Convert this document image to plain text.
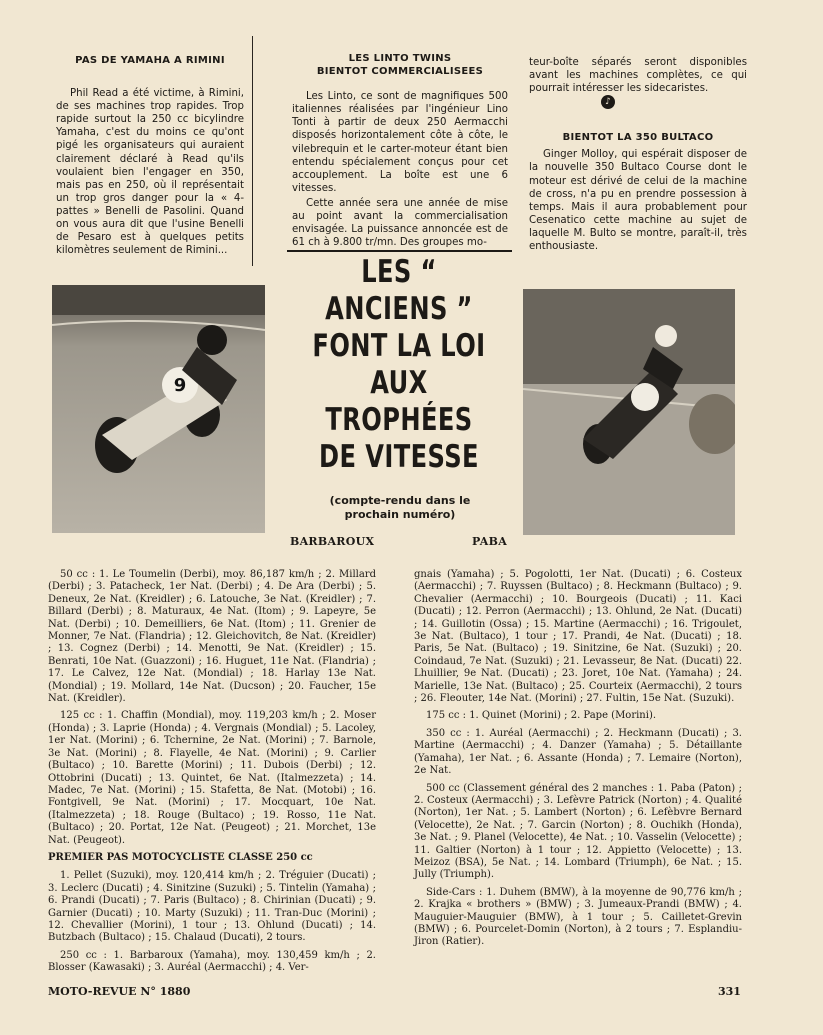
PAS DE YAMAHA A RIMINI
Phil Read a été victime, à Rimini, de ses machines trop rapides. Trop rapide surtout la 250 cc bicylindre Yamaha, c'est du moins ce qu'ont pigé les organisateurs qui auraient clairement déclaré à Read qu'ils voulaient bien l'engager en 350, mais pas en 250, où il représentait un trop gros danger pour la « 4-pattes » Benelli de Pasolini. Quand on vous aura dit que l'usine Benelli de Pesaro est à quelques petits kilomètres seulement de Rimini...
LES LINTO TWINS
BIENTOT COMMERCIALISEES
Les Linto, ce sont de magnifiques 500 italiennes réalisées par l'ingénieur Lino Tonti à partir de deux 250 Aermacchi disposés horizontalement côte à côte, le vilebrequin et le carter-moteur étant bien entendu spécialement conçus pour cet accouplement. La boîte est une 6 vitesses.
Cette année sera une année de mise au point avant la commercialisation envisagée. La puissance annoncée est de 61 ch à 9.800 tr/mn. Des groupes mo-
teur-boîte séparés seront disponibles avant les machines complètes, ce qui pourrait intéresser les sidecaristes.
BIENTOT LA 350 BULTACO
Ginger Molloy, qui espérait disposer de la nouvelle 350 Bultaco Course dont le moteur est dérivé de celui de la machine de cross, n'a pu en prendre possession à temps. Mais il aura probablement pour Cesenatico cette machine au sujet de laquelle M. Bulto se montre, paraît-il, très enthousiaste.
♪
9
LES “ ANCIENS ”
FONT LA LOI
AUX
TROPHÉES
DE VITESSE
(compte-rendu dans le
prochain numéro)
BARBAROUX	PABA

50 cc : 1. Le Toumelin (Derbi), moy. 86,187 km/h ; 2. Millard (Derbi) ; 3. Patacheck, 1er Nat. (Derbi) ; 4. De Ara (Derbi) ; 5. Deneux, 2e Nat. (Kreidler) ; 6. Latouche, 3e Nat. (Kreidler) ; 7. Billard (Derbi) ; 8. Maturaux, 4e Nat. (Itom) ; 9. Lapeyre, 5e Nat. (Derbi) ; 10. Demeilliers, 6e Nat. (Itom) ; 11. Grenier de Monner, 7e Nat. (Flandria) ; 12. Gleichovitch, 8e Nat. (Kreidler) ; 13. Cognez (Derbi) ; 14. Menotti, 9e Nat. (Kreidler) ; 15. Benrati, 10e Nat. (Guazzoni) ; 16. Huguet, 11e Nat. (Flandria) ; 17. Le Calvez, 12e Nat. (Mondial) ; 18. Harlay 13e Nat. (Mondial) ; 19. Mollard, 14e Nat. (Ducson) ; 20. Faucher, 15e Nat. (Kreidler).

125 cc : 1. Chaffin (Mondial), moy. 119,203 km/h ; 2. Moser (Honda) ; 3. Laprie (Honda) ; 4. Vergnais (Mondial) ; 5. Lacoley, 1er Nat. (Morini) ; 6. Tchernine, 2e Nat. (Morini) ; 7. Barnole, 3e Nat. (Morini) ; 8. Flayelle, 4e Nat. (Morini) ; 9. Carlier (Bultaco) ; 10. Barette (Morini) ; 11. Dubois (Derbi) ; 12. Ottobrini (Ducati) ; 13. Quintet, 6e Nat. (Italmezzeta) ; 14. Madec, 7e Nat. (Morini) ; 15. Stafetta, 8e Nat. (Motobi) ; 16. Fontgivell, 9e Nat. (Morini) ; 17. Mocquart, 10e Nat. (Italmezzeta) ; 18. Rouge (Bultaco) ; 19. Rosso, 11e Nat. (Bultaco) ; 20. Portat, 12e Nat. (Peugeot) ; 21. Morchet, 13e Nat. (Peugeot).

PREMIER PAS MOTOCYCLISTE CLASSE 250 cc

1. Pellet (Suzuki), moy. 120,414 km/h ; 2. Tréguier (Ducati) ; 3. Leclerc (Ducati) ; 4. Sinitzine (Suzuki) ; 5. Tintelin (Yamaha) ; 6. Prandi (Ducati) ; 7. Paris (Bultaco) ; 8. Chirinian (Ducati) ; 9. Garnier (Ducati) ; 10. Marty (Suzuki) ; 11. Tran-Duc (Morini) ; 12. Chevallier (Morini), 1 tour ; 13. Ohlund (Ducati) ; 14. Butzbach (Bultaco) ; 15. Chalaud (Ducati), 2 tours.

250 cc : 1. Barbaroux (Yamaha), moy. 130,459 km/h ; 2. Blosser (Kawasaki) ; 3. Auréal (Aermacchi) ; 4. Ver-

gnais (Yamaha) ; 5. Pogolotti, 1er Nat. (Ducati) ; 6. Costeux (Aermacchi) ; 7. Ruyssen (Bultaco) ; 8. Heckmann (Bultaco) ; 9. Chevalier (Aermacchi) ; 10. Bourgeois (Ducati) ; 11. Kaci (Ducati) ; 12. Perron (Aermacchi) ; 13. Ohlund, 2e Nat. (Ducati) ; 14. Guillotin (Ossa) ; 15. Martine (Aermacchi) ; 16. Trigoulet, 3e Nat. (Bultaco), 1 tour ; 17. Prandi, 4e Nat. (Ducati) ; 18. Paris, 5e Nat. (Bultaco) ; 19. Sinitzine, 6e Nat. (Suzuki) ; 20. Coindaud, 7e Nat. (Suzuki) ; 21. Levasseur, 8e Nat. (Ducati) 22. Lhuillier, 9e Nat. (Ducati) ; 23. Joret, 10e Nat. (Yamaha) ; 24. Marielle, 13e Nat. (Bultaco) ; 25. Courteix (Aermacchi), 2 tours ; 26. Fleouter, 14e Nat. (Morini) ; 27. Fultin, 15e Nat. (Suzuki).

175 cc : 1. Quinet (Morini) ; 2. Pape (Morini).

350 cc : 1. Auréal (Aermacchi) ; 2. Heckmann (Ducati) ; 3. Martine (Aermacchi) ; 4. Danzer (Yamaha) ; 5. Détaillante (Yamaha), 1er Nat. ; 6. Assante (Honda) ; 7. Lemaire (Norton), 2e Nat.

500 cc (Classement général des 2 manches : 1. Paba (Paton) ; 2. Costeux (Aermacchi) ; 3. Lefèvre Patrick (Norton) ; 4. Qualité (Norton), 1er Nat. ; 5. Lambert (Norton) ; 6. Lefèbvre Bernard (Velocette), 2e Nat. ; 7. Garcin (Norton) ; 8. Ouchikh (Honda), 3e Nat. ; 9. Planel (Velocette), 4e Nat. ; 10. Vasselin (Velocette) ; 11. Galtier (Norton) à 1 tour ; 12. Appietto (Velocette) ; 13. Meizoz (BSA), 5e Nat. ; 14. Lombard (Triumph), 6e Nat. ; 15. Jully (Triumph).

Side-Cars : 1. Duhem (BMW), à la moyenne de 90,776 km/h ; 2. Krajka « brothers » (BMW) ; 3. Jumeaux-Prandi (BMW) ; 4. Mauguier-Mauguier (BMW), à 1 tour ; 5. Cailletet-Grevin (BMW) ; 6. Pourcelet-Domin (Norton), à 2 tours ; 7. Esplandiu-Jiron (Ratier).

MOTO-REVUE N° 1880	331
